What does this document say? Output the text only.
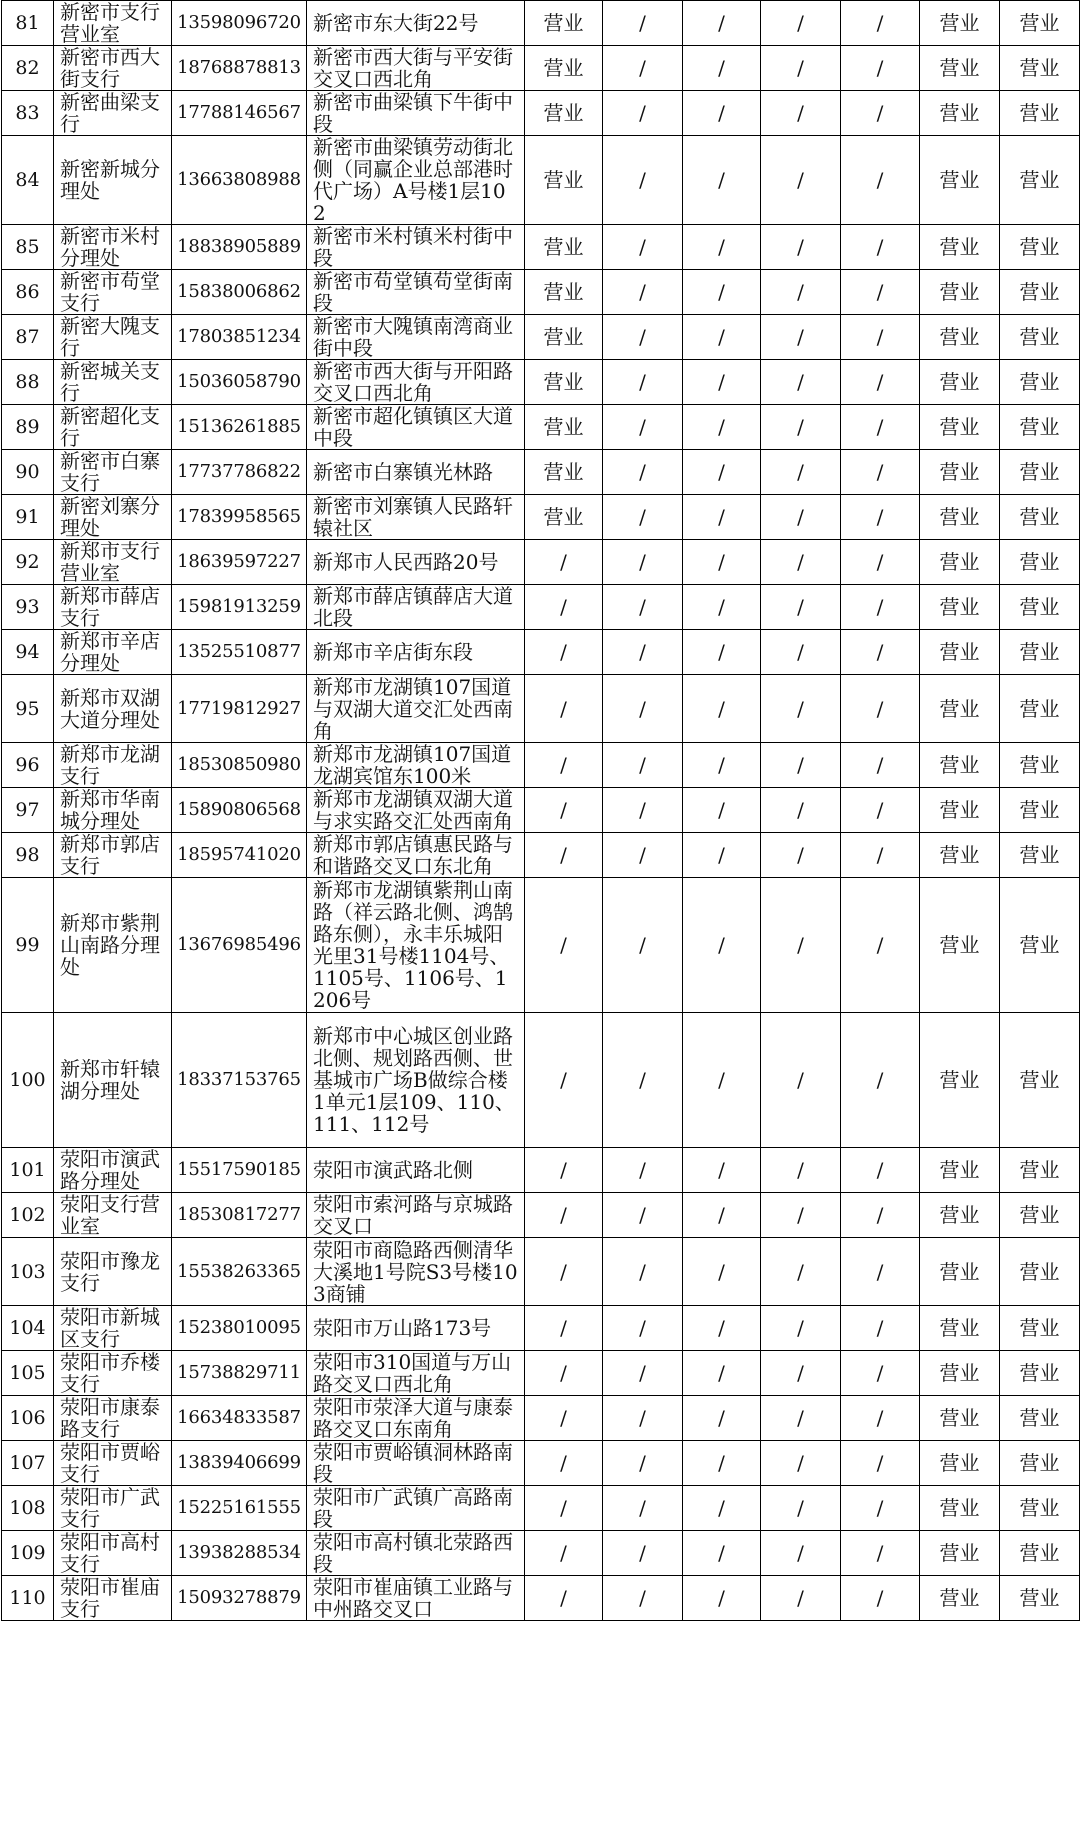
81	新密市支行营业室	13598096720	新密市东大街22号	营业	/	/	/	/	营业	营业
82	新密市西大街支行	18768878813	新密市西大街与平安街交叉口西北角	营业	/	/	/	/	营业	营业
83	新密曲梁支行	17788146567	新密市曲梁镇下牛街中段	营业	/	/	/	/	营业	营业
84	新密新城分理处	13663808988	新密市曲梁镇劳动街北侧（同赢企业总部港时代广场）A号楼1层102	营业	/	/	/	/	营业	营业
85	新密市米村分理处	18838905889	新密市米村镇米村街中段	营业	/	/	/	/	营业	营业
86	新密市苟堂支行	15838006862	新密市苟堂镇苟堂街南段	营业	/	/	/	/	营业	营业
87	新密大隗支行	17803851234	新密市大隗镇南湾商业街中段	营业	/	/	/	/	营业	营业
88	新密城关支行	15036058790	新密市西大街与开阳路交叉口西北角	营业	/	/	/	/	营业	营业
89	新密超化支行	15136261885	新密市超化镇镇区大道中段	营业	/	/	/	/	营业	营业
90	新密市白寨支行	17737786822	新密市白寨镇光林路	营业	/	/	/	/	营业	营业
91	新密刘寨分理处	17839958565	新密市刘寨镇人民路轩辕社区	营业	/	/	/	/	营业	营业
92	新郑市支行营业室	18639597227	新郑市人民西路20号	/	/	/	/	/	营业	营业
93	新郑市薛店支行	15981913259	新郑市薛店镇薛店大道北段	/	/	/	/	/	营业	营业
94	新郑市辛店分理处	13525510877	新郑市辛店街东段	/	/	/	/	/	营业	营业
95	新郑市双湖大道分理处	17719812927	新郑市龙湖镇107国道与双湖大道交汇处西南角	/	/	/	/	/	营业	营业
96	新郑市龙湖支行	18530850980	新郑市龙湖镇107国道龙湖宾馆东100米	/	/	/	/	/	营业	营业
97	新郑市华南城分理处	15890806568	新郑市龙湖镇双湖大道与求实路交汇处西南角	/	/	/	/	/	营业	营业
98	新郑市郭店支行	18595741020	新郑市郭店镇惠民路与和谐路交叉口东北角	/	/	/	/	/	营业	营业
99	新郑市紫荆山南路分理处	13676985496	新郑市龙湖镇紫荆山南路（祥云路北侧、鸿鹄路东侧），永丰乐城阳光里31号楼1104号、1105号、1106号、1206号	/	/	/	/	/	营业	营业
100	新郑市轩辕湖分理处	18337153765	新郑市中心城区创业路北侧、规划路西侧、世基城市广场B做综合楼1单元1层109、110、111、112号	/	/	/	/	/	营业	营业
101	荥阳市演武路分理处	15517590185	荥阳市演武路北侧	/	/	/	/	/	营业	营业
102	荥阳支行营业室	18530817277	荥阳市索河路与京城路交叉口	/	/	/	/	/	营业	营业
103	荥阳市豫龙支行	15538263365	荥阳市商隐路西侧清华大溪地1号院S3号楼103商铺	/	/	/	/	/	营业	营业
104	荥阳市新城区支行	15238010095	荥阳市万山路173号	/	/	/	/	/	营业	营业
105	荥阳市乔楼支行	15738829711	荥阳市310国道与万山路交叉口西北角	/	/	/	/	/	营业	营业
106	荥阳市康泰路支行	16634833587	荥阳市荥泽大道与康泰路交叉口东南角	/	/	/	/	/	营业	营业
107	荥阳市贾峪支行	13839406699	荥阳市贾峪镇洞林路南段	/	/	/	/	/	营业	营业
108	荥阳市广武支行	15225161555	荥阳市广武镇广高路南段	/	/	/	/	/	营业	营业
109	荥阳市高村支行	13938288534	荥阳市高村镇北荥路西段	/	/	/	/	/	营业	营业
110	荥阳市崔庙支行	15093278879	荥阳市崔庙镇工业路与中州路交叉口	/	/	/	/	/	营业	营业
